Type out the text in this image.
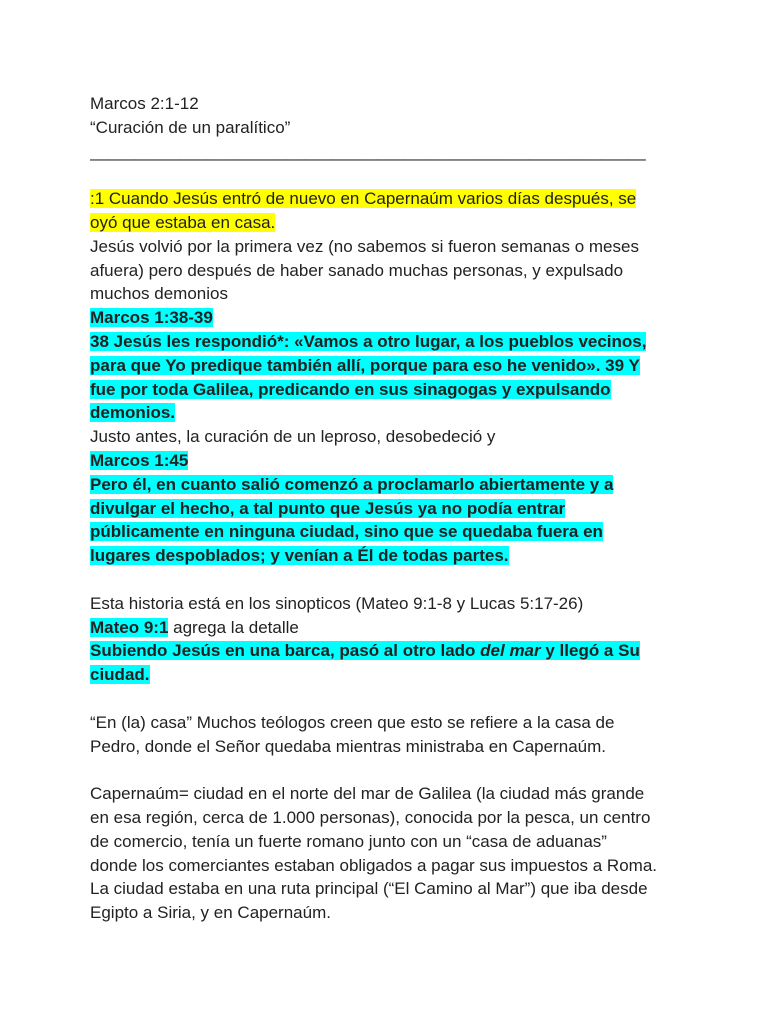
Marcos 2:1-12
“Curación de un paralítico”
______________________________________________________________
:1 Cuando Jesús entró de nuevo en Capernaúm varios días después, se
oyó que estaba en casa.
Jesús volvió por la primera vez (no sabemos si fueron semanas o meses
afuera) pero después de haber sanado muchas personas, y expulsado
muchos demonios
Marcos 1:38-39
38 Jesús les respondió*: «Vamos a otro lugar, a los pueblos vecinos,
para que Yo predique también allí, porque para eso he venido». 39 Y
fue por toda Galilea, predicando en sus sinagogas y expulsando
demonios.
Justo antes, la curación de un leproso, desobedeció y
Marcos 1:45
Pero él, en cuanto salió comenzó a proclamarlo abiertamente y a
divulgar el hecho, a tal punto que Jesús ya no podía entrar
públicamente en ninguna ciudad, sino que se quedaba fuera en
lugares despoblados; y venían a Él de todas partes.
Esta historia está en los sinopticos (Mateo 9:1-8 y Lucas 5:17-26)
Mateo 9:1 agrega la detalle
Subiendo Jesús en una barca, pasó al otro lado del mar y llegó a Su
ciudad.
“En (la) casa” Muchos teólogos creen que esto se refiere a la casa de
Pedro, donde el Señor quedaba mientras ministraba en Capernaúm.
Capernaúm= ciudad en el norte del mar de Galilea (la ciudad más grande
en esa región, cerca de 1.000 personas), conocida por la pesca, un centro
de comercio, tenía un fuerte romano junto con un “casa de aduanas”
donde los comerciantes estaban obligados a pagar sus impuestos a Roma.
La ciudad estaba en una ruta principal (“El Camino al Mar”) que iba desde
Egipto a Siria, y en Capernaúm.
